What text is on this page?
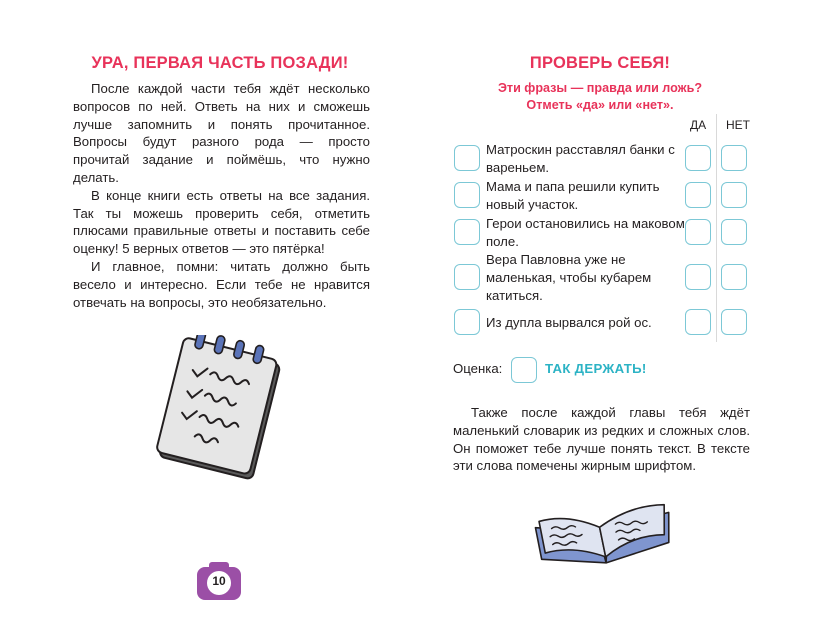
УРА, ПЕРВАЯ ЧАСТЬ ПОЗАДИ!

После каждой части тебя ждёт несколько вопросов по ней. Ответь на них и сможешь лучше запомнить и понять прочитанное. Вопросы будут разного рода — просто прочитай задание и поймёшь, что нужно делать.

В конце книги есть ответы на все задания. Так ты можешь проверить себя, отметить плюсами правильные ответы и поставить себе оценку! 5 верных ответов — это пятёрка!

И главное, помни: читать должно быть весело и интересно. Если тебе не нравится отвечать на вопросы, это необязательно.

10
ПРОВЕРЬ СЕБЯ!
Эти фразы — правда или ложь?
Отметь «да» или «нет».
ДА НЕТ
Матроскин расставлял банки с вареньем.
Мама и папа решили купить новый участок.
Герои остановились на маковом поле.
Вера Павловна уже не маленькая, чтобы кубарем катиться.
Из дупла вырвался рой ос.
Оценка:	ТАК ДЕРЖАТЬ!

Также после каждой главы тебя ждёт маленький словарик из редких и сложных слов. Он поможет тебе лучше понять текст. В тексте эти слова помечены жирным шрифтом.
